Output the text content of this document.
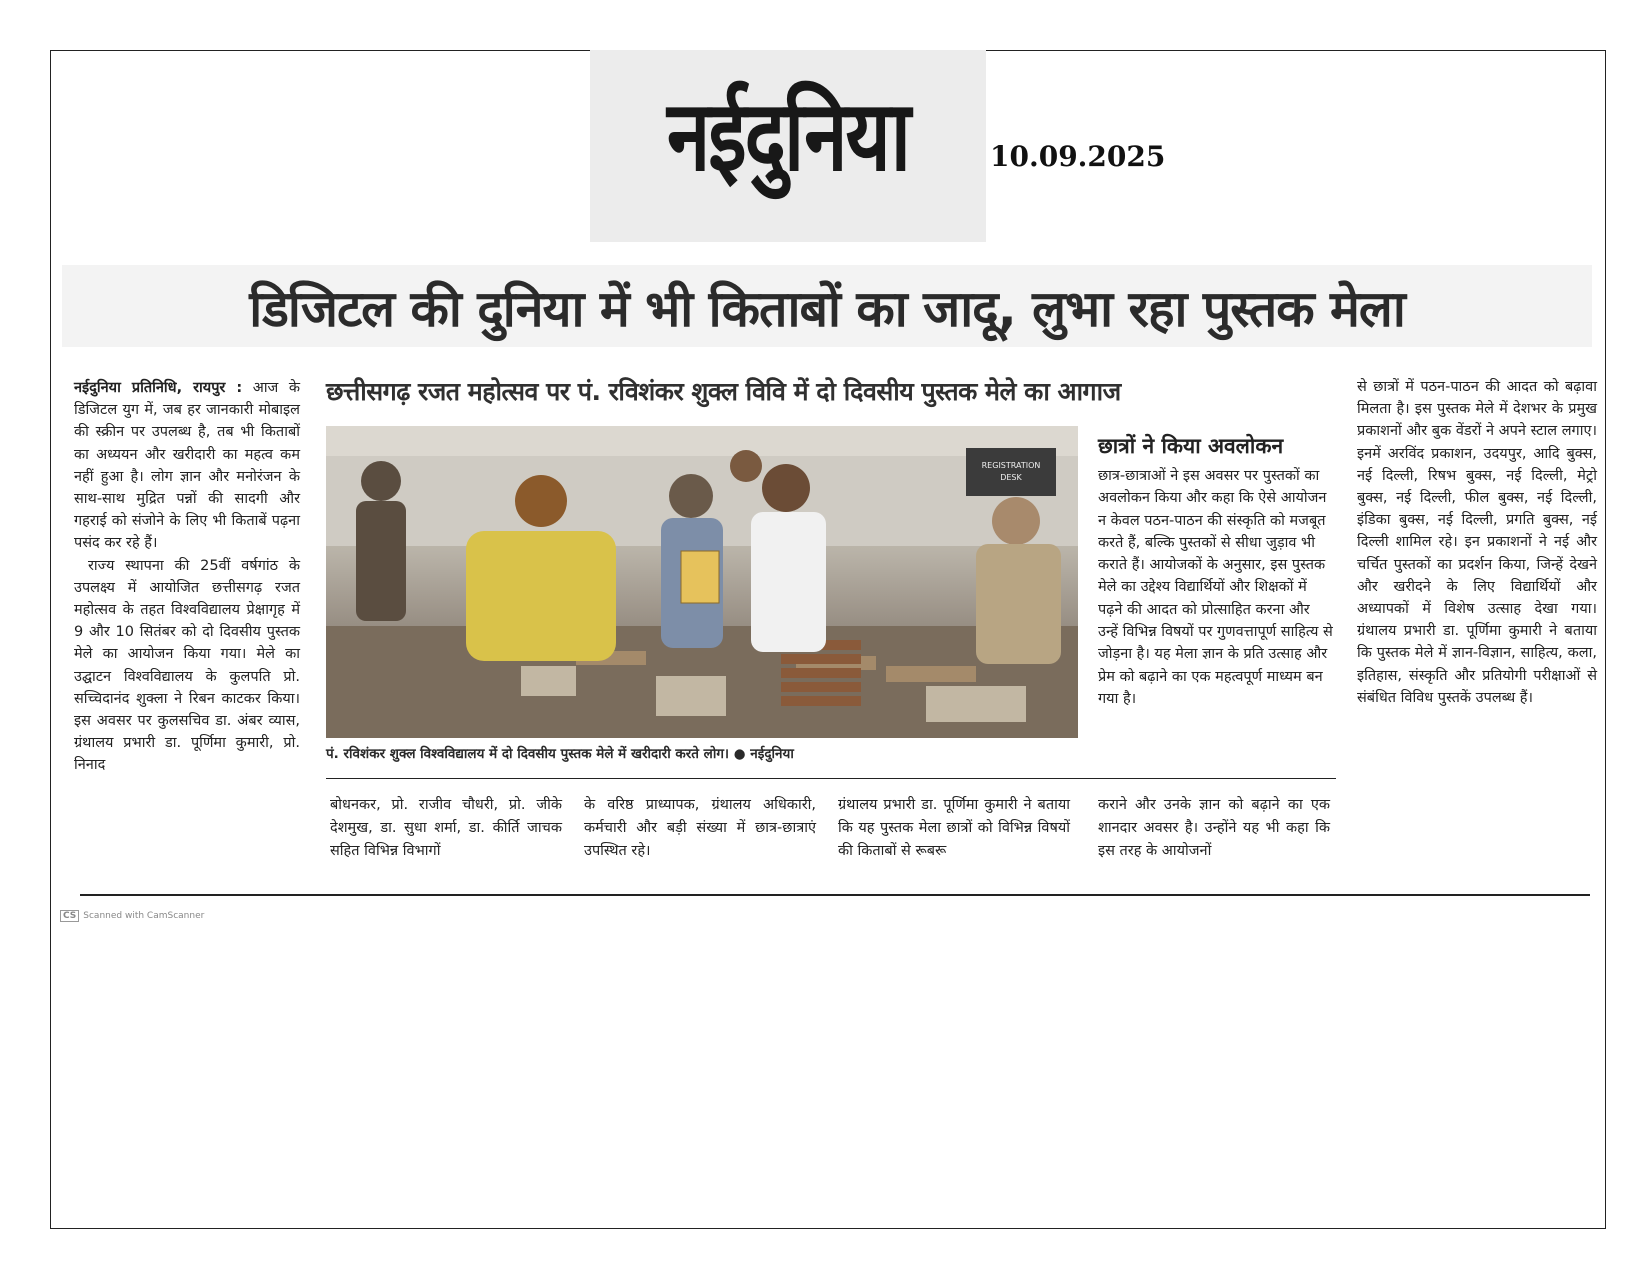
नईदुनिया	10.09.2025
डिजिटल की दुनिया में भी किताबों का जादू, लुभा रहा पुस्तक मेला
छत्तीसगढ़ रजत महोत्सव पर पं. रविशंकर शुक्ल विवि में दो दिवसीय पुस्तक मेले का आगाज

नईदुनिया प्रतिनिधि, रायपुर : आज के डिजिटल युग में, जब हर जानकारी मोबाइल की स्क्रीन पर उपलब्ध है, तब भी किताबों का अध्ययन और खरीदारी का महत्व कम नहीं हुआ है। लोग ज्ञान और मनोरंजन के साथ-साथ मुद्रित पन्नों की सादगी और गहराई को संजोने के लिए भी किताबें पढ़ना पसंद कर रहे हैं।

राज्य स्थापना की 25वीं वर्षगांठ के उपलक्ष्य में आयोजित छत्तीसगढ़ रजत महोत्सव के तहत विश्वविद्यालय प्रेक्षागृह में 9 और 10 सितंबर को दो दिवसीय पुस्तक मेले का आयोजन किया गया। मेले का उद्घाटन विश्वविद्यालय के कुलपति प्रो. सच्चिदानंद शुक्ला ने रिबन काटकर किया। इस अवसर पर कुलसचिव डा. अंबर व्यास, ग्रंथालय प्रभारी डा. पूर्णिमा कुमारी, प्रो. निनाद

REGISTRATION
DESK
पं. रविशंकर शुक्ल विश्वविद्यालय में दो दिवसीय पुस्तक मेले में खरीदारी करते लोग। ● नईदुनिया
छात्रों ने किया अवलोकन

छात्र-छात्राओं ने इस अवसर पर पुस्तकों का अवलोकन किया और कहा कि ऐसे आयोजन न केवल पठन-पाठन की संस्कृति को मजबूत करते हैं, बल्कि पुस्तकों से सीधा जुड़ाव भी कराते हैं। आयोजकों के अनुसार, इस पुस्तक मेले का उद्देश्य विद्यार्थियों और शिक्षकों में पढ़ने की आदत को प्रोत्साहित करना और उन्हें विभिन्न विषयों पर गुणवत्तापूर्ण साहित्य से जोड़ना है। यह मेला ज्ञान के प्रति उत्साह और प्रेम को बढ़ाने का एक महत्वपूर्ण माध्यम बन गया है।

बोधनकर, प्रो. राजीव चौधरी, प्रो. जीके देशमुख, डा. सुधा शर्मा, डा. कीर्ति जाचक सहित विभिन्न विभागों

के वरिष्ठ प्राध्यापक, ग्रंथालय अधिकारी, कर्मचारी और बड़ी संख्या में छात्र-छात्राएं उपस्थित रहे।

ग्रंथालय प्रभारी डा. पूर्णिमा कुमारी ने बताया कि यह पुस्तक मेला छात्रों को विभिन्न विषयों की किताबों से रूबरू

कराने और उनके ज्ञान को बढ़ाने का एक शानदार अवसर है। उन्होंने यह भी कहा कि इस तरह के आयोजनों

से छात्रों में पठन-पाठन की आदत को बढ़ावा मिलता है। इस पुस्तक मेले में देशभर के प्रमुख प्रकाशनों और बुक वेंडरों ने अपने स्टाल लगाए। इनमें अरविंद प्रकाशन, उदयपुर, आदि बुक्स, नई दिल्ली, रिषभ बुक्स, नई दिल्ली, मेट्रो बुक्स, नई दिल्ली, फील बुक्स, नई दिल्ली, इंडिका बुक्स, नई दिल्ली, प्रगति बुक्स, नई दिल्ली शामिल रहे। इन प्रकाशनों ने नई और चर्चित पुस्तकों का प्रदर्शन किया, जिन्हें देखने और खरीदने के लिए विद्यार्थियों और अध्यापकों में विशेष उत्साह देखा गया। ग्रंथालय प्रभारी डा. पूर्णिमा कुमारी ने बताया कि पुस्तक मेले में ज्ञान-विज्ञान, साहित्य, कला, इतिहास, संस्कृति और प्रतियोगी परीक्षाओं से संबंधित विविध पुस्तकें उपलब्ध हैं।

CS Scanned with CamScanner
